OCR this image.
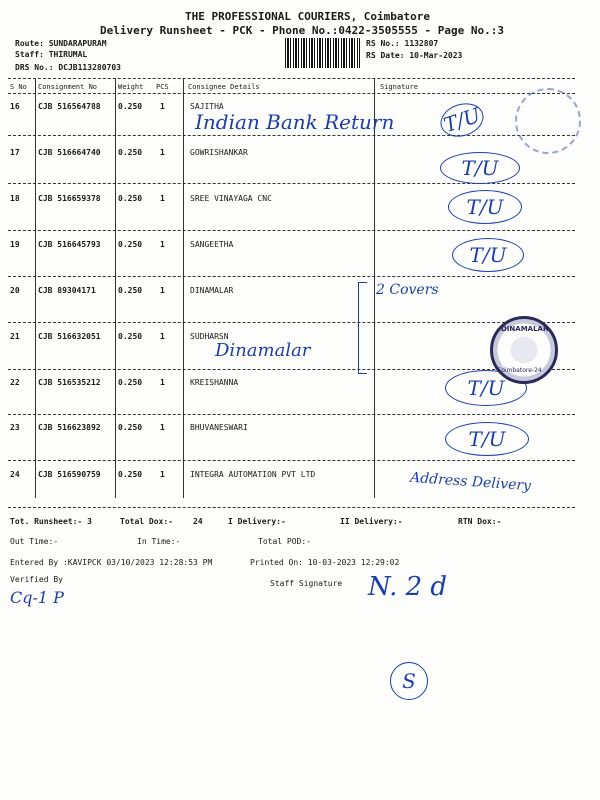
THE PROFESSIONAL COURIERS, Coimbatore
Delivery Runsheet - PCK - Phone No.:0422-3505555 - Page No.:3
Route: SUNDARAPURAM
Staff: THIRUMAL
DRS No.: DCJB113280703
RS No.: 1132807
RS Date: 10-Mar-2023
S No Consignment No	Weight PCS	Consignee Details	Signature
16 CJB 516564788 0.250 1	SAJITHA
17 CJB 516664740 0.250 1	GOWRISHANKAR
18 CJB 516659378 0.250 1	SREE VINAYAGA CNC
19 CJB 516645793 0.250 1	SANGEETHA
20 CJB 89304171	0.250 1	DINAMALAR
21 CJB 516632051 0.250 1	SUDHARSN
22 CJB 516535212 0.250 1	KREISHANNA
23 CJB 516623892 0.250 1	BHUVANESWARI
24 CJB 516590759 0.250 1	INTEGRA AUTOMATION PVT LTD
Indian Bank Return T/U
T/U
T/U
T/U
2 Covers
Dinamalar
T/U
T/U
Address Delivery
DINAMALAR
Coimbatore-24
Tot. Runsheet:- 3	Total Dox:-	24	I Delivery:-	II Delivery:-	RTN Dox:-
Out Time:-	In Time:-	Total POD:-
Entered By :KAVIPCK 03/10/2023 12:28:53 PM	Printed On: 10-03-2023 12:29:02
Verified By	Staff Signature
Cq-1 P	N. 2 d
S
